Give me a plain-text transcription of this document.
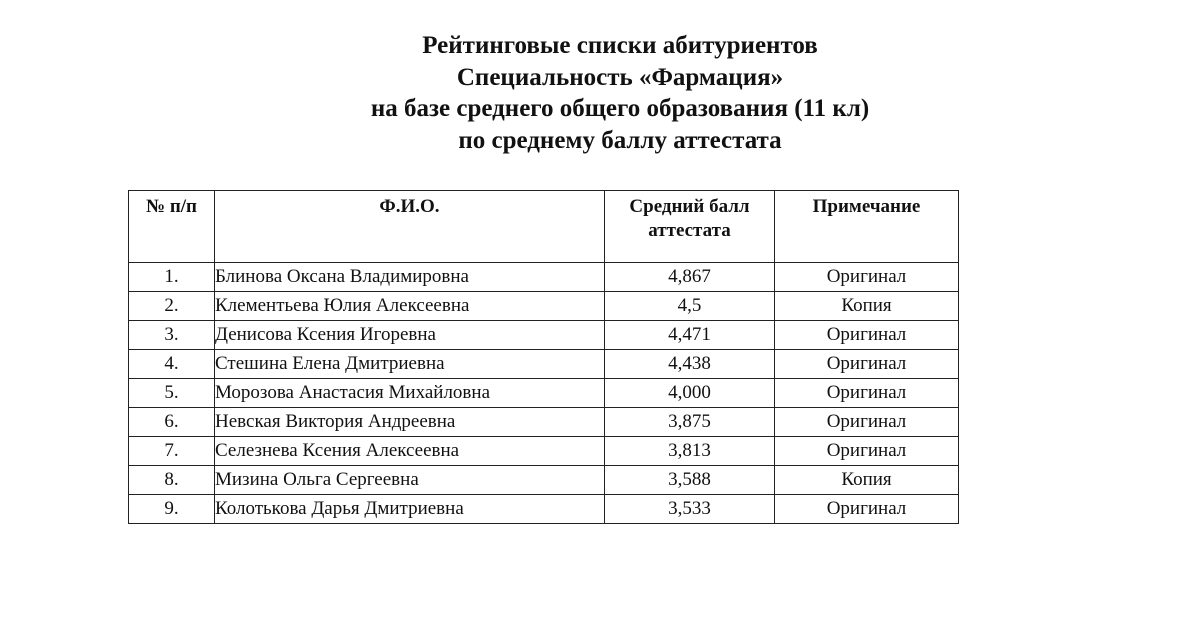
Рейтинговые списки абитуриентов
Специальность «Фармация»
на базе среднего общего образования (11 кл)
по среднему баллу аттестата
№ п/п	Ф.И.О.	Средний балл аттестата	Примечание
1.	Блинова Оксана Владимировна	4,867	Оригинал
2.	Клементьева Юлия Алексеевна	4,5	Копия
3.	Денисова Ксения Игоревна	4,471	Оригинал
4.	Стешина Елена Дмитриевна	4,438	Оригинал
5.	Морозова Анастасия Михайловна	4,000	Оригинал
6.	Невская Виктория Андреевна	3,875	Оригинал
7.	Селезнева Ксения Алексеевна	3,813	Оригинал
8.	Мизина Ольга Сергеевна	3,588	Копия
9.	Колотькова Дарья Дмитриевна	3,533	Оригинал
